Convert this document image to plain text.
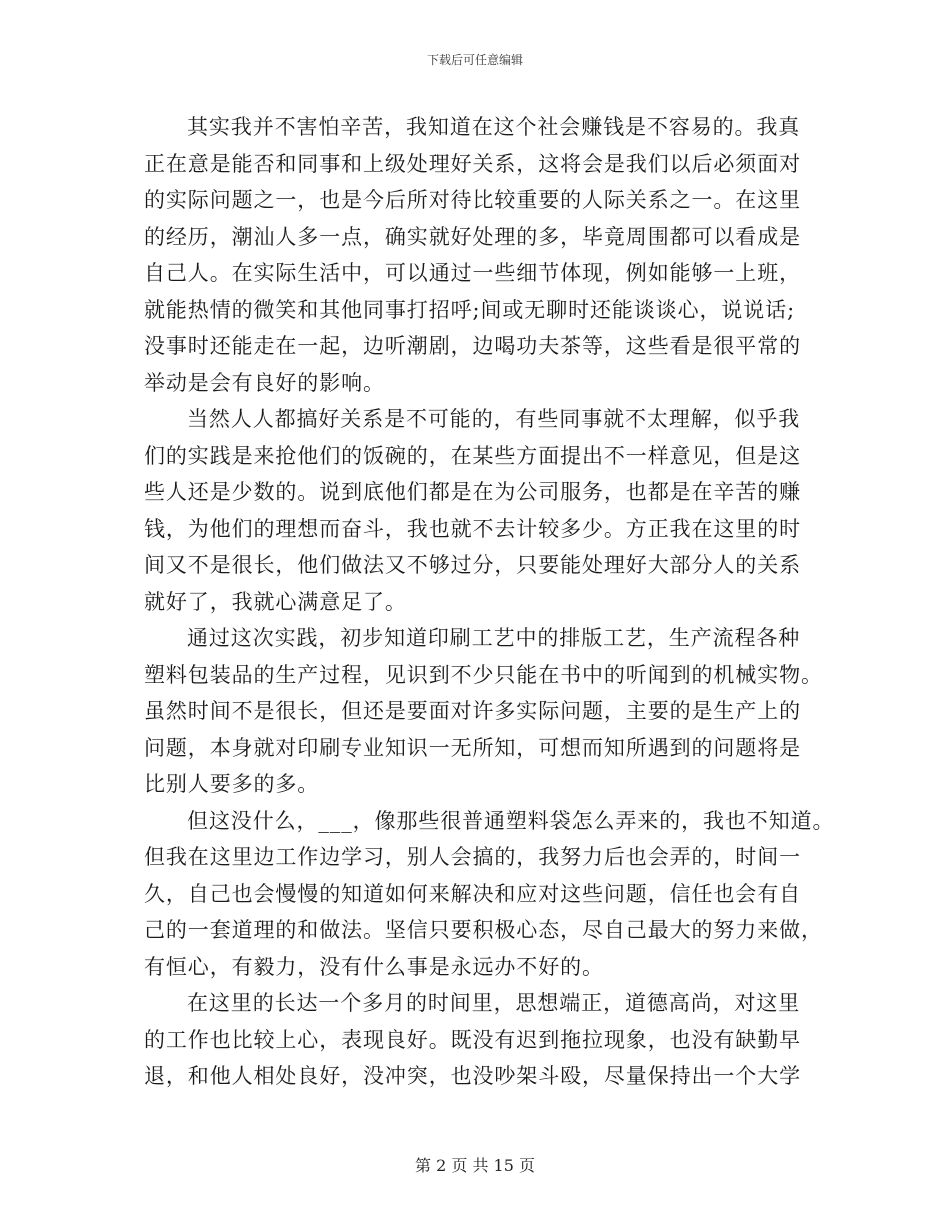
下载后可任意编辑
其实我并不害怕辛苦，我知道在这个社会赚钱是不容易的。我真
正在意是能否和同事和上级处理好关系，这将会是我们以后必须面对
的实际问题之一，也是今后所对待比较重要的人际关系之一。在这里
的经历，潮汕人多一点，确实就好处理的多，毕竟周围都可以看成是
自己人。在实际生活中，可以通过一些细节体现，例如能够一上班，
就能热情的微笑和其他同事打招呼;间或无聊时还能谈谈心，说说话;
没事时还能走在一起，边听潮剧，边喝功夫茶等，这些看是很平常的
举动是会有良好的影响。
当然人人都搞好关系是不可能的，有些同事就不太理解，似乎我
们的实践是来抢他们的饭碗的，在某些方面提出不一样意见，但是这
些人还是少数的。说到底他们都是在为公司服务，也都是在辛苦的赚
钱，为他们的理想而奋斗，我也就不去计较多少。方正我在这里的时
间又不是很长，他们做法又不够过分，只要能处理好大部分人的关系
就好了，我就心满意足了。
通过这次实践，初步知道印刷工艺中的排版工艺，生产流程各种
塑料包装品的生产过程，见识到不少只能在书中的听闻到的机械实物。
虽然时间不是很长，但还是要面对许多实际问题，主要的是生产上的
问题，本身就对印刷专业知识一无所知，可想而知所遇到的问题将是
比别人要多的多。
但这没什么，___，像那些很普通塑料袋怎么弄来的，我也不知道。
但我在这里边工作边学习，别人会搞的，我努力后也会弄的，时间一
久，自己也会慢慢的知道如何来解决和应对这些问题，信任也会有自
己的一套道理的和做法。坚信只要积极心态，尽自己最大的努力来做，
有恒心，有毅力，没有什么事是永远办不好的。
在这里的长达一个多月的时间里，思想端正，道德高尚，对这里
的工作也比较上心，表现良好。既没有迟到拖拉现象，也没有缺勤早
退，和他人相处良好，没冲突，也没吵架斗殴，尽量保持出一个大学
第 2 页 共 15 页
